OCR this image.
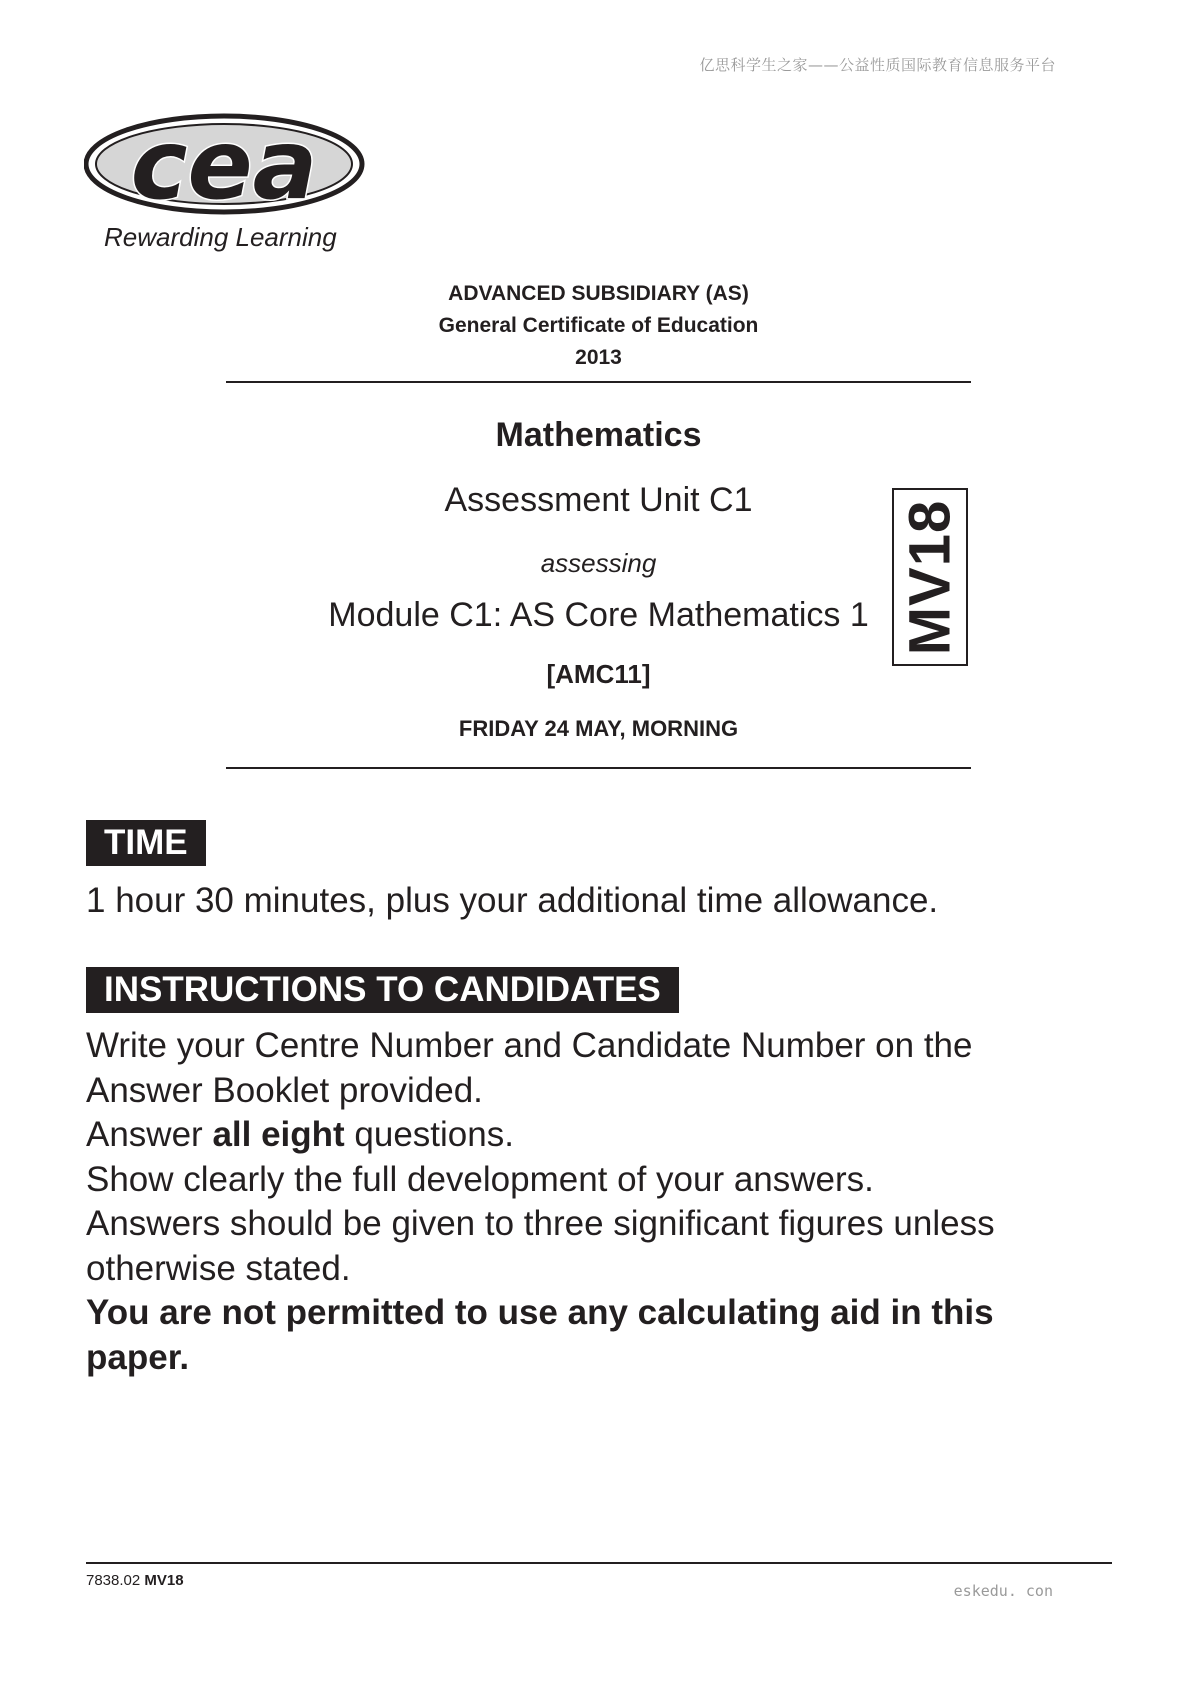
亿思科学生之家——公益性质国际教育信息服务平台
cea
Rewarding Learning
ADVANCED SUBSIDIARY (AS)
General Certificate of Education
2013
Mathematics
Assessment Unit C1
assessing
Module C1: AS Core Mathematics 1
[AMC11]
FRIDAY 24 MAY, MORNING
MV18
TIME
1 hour 30 minutes, plus your additional time allowance.
INSTRUCTIONS TO CANDIDATES

Write your Centre Number and Candidate Number on the Answer Booklet provided.

Answer all eight questions.

Show clearly the full development of your answers.

Answers should be given to three significant figures unless otherwise stated.

You are not permitted to use any calculating aid in this paper.

7838.02 MV18
eskedu. con
